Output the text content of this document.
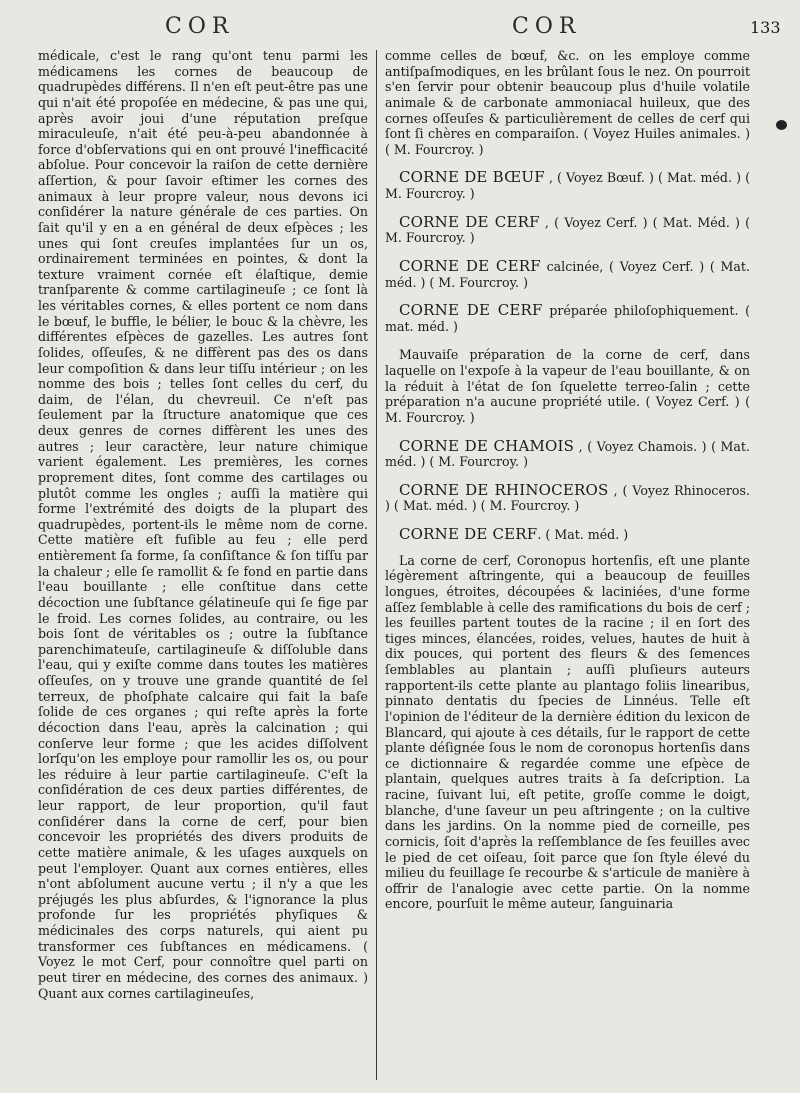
COR	COR	133

médicale, c'est le rang qu'ont tenu parmi les médicamens les cornes de beaucoup de quadrupèdes différens. Il n'en eſt peut-être pas une qui n'ait été propoſée en médecine, & pas une qui, après avoir joui d'une réputation preſque miraculeuſe, n'ait été peu-à-peu abandonnée à force d'obſervations qui en ont prouvé l'inefficacité abſolue. Pour concevoir la raiſon de cette dernière aſſertion, & pour ſavoir eſtimer les cornes des animaux à leur propre valeur, nous devons ici conſidérer la nature générale de ces parties. On ſait qu'il y en a en général de deux eſpèces ; les unes qui ſont creuſes implantées ſur un os, ordinairement terminées en pointes, & dont la texture vraiment cornée eſt élaſtique, demie tranſparente & comme cartilagineuſe ; ce ſont là les véritables cornes, & elles portent ce nom dans le bœuf, le buffle, le bélier, le bouc & la chèvre, les différentes eſpèces de gazelles. Les autres ſont ſolides, oſſeuſes, & ne diffèrent pas des os dans leur compoſition & dans leur tiſſu intérieur ; on les nomme des bois ; telles ſont celles du cerf, du daim, de l'élan, du chevreuil. Ce n'eſt pas ſeulement par la ſtructure anatomique que ces deux genres de cornes diffèrent les unes des autres ; leur caractère, leur nature chimique varient également. Les premières, les cornes proprement dites, ſont comme des cartilages ou plutôt comme les ongles ; auſſi la matière qui forme l'extrémité des doigts de la plupart des quadrupèdes, portent-ils le même nom de corne. Cette matière eſt fuſible au feu ; elle perd entièrement ſa forme, ſa conſiſtance & ſon tiſſu par la chaleur ; elle ſe ramollit & ſe fond en partie dans l'eau bouillante ; elle conſtitue dans cette décoction une ſubſtance gélatineuſe qui ſe fige par le froid. Les cornes ſolides, au contraire, ou les bois ſont de véritables os ; outre la ſubſtance parenchimateuſe, cartilagineuſe & diſſoluble dans l'eau, qui y exiſte comme dans toutes les matières oſſeuſes, on y trouve une grande quantité de ſel terreux, de phoſphate calcaire qui fait la baſe ſolide de ces organes ; qui reſte après la forte décoction dans l'eau, après la calcination ; qui conſerve leur forme ; que les acides diſſolvent lorſqu'on les employe pour ramollir les os, ou pour les réduire à leur partie cartilagineuſe. C'eſt la conſidération de ces deux parties différentes, de leur rapport, de leur proportion, qu'il faut conſidérer dans la corne de cerf, pour bien concevoir les propriétés des divers produits de cette matière animale, & les uſages auxquels on peut l'employer. Quant aux cornes entières, elles n'ont abſolument aucune vertu ; il n'y a que les préjugés les plus abſurdes, & l'ignorance la plus profonde ſur les propriétés phyſiques & médicinales des corps naturels, qui aient pu transformer ces ſubſtances en médicamens. ( Voyez le mot Cerf, pour connoître quel parti on peut tirer en médecine, des cornes des animaux. ) Quant aux cornes cartilagineuſes,

comme celles de bœuf, &c. on les employe comme antiſpaſmodiques, en les brûlant ſous le nez. On pourroit s'en ſervir pour obtenir beaucoup plus d'huile volatile animale & de carbonate ammoniacal huileux, que des cornes oſſeuſes & particulièrement de celles de cerf qui ſont ſi chères en comparaiſon. ( Voyez Huiles animales. ) ( M. Fourcroy. )

CORNE DE BŒUF , ( Voyez Bœuf. ) ( Mat. méd. ) ( M. Fourcroy. )

CORNE DE CERF , ( Voyez Cerf. ) ( Mat. Méd. ) ( M. Fourcroy. )

CORNE DE CERF calcinée, ( Voyez Cerf. ) ( Mat. méd. ) ( M. Fourcroy. )

CORNE DE CERF préparée philoſophiquement. ( mat. méd. )

Mauvaiſe préparation de la corne de cerf, dans laquelle on l'expoſe à la vapeur de l'eau bouillante, & on la réduit à l'état de ſon ſquelette terreo-ſalin ; cette préparation n'a aucune propriété utile. ( Voyez Cerf. ) ( M. Fourcroy. )

CORNE DE CHAMOIS , ( Voyez Chamois. ) ( Mat. méd. ) ( M. Fourcroy. )

CORNE DE RHINOCEROS , ( Voyez Rhinoceros. ) ( Mat. méd. ) ( M. Fourcroy. )

CORNE DE CERF. ( Mat. méd. )

La corne de cerf, Coronopus hortenſis, eſt une plante légèrement aſtringente, qui a beaucoup de feuilles longues, étroites, découpées & laciniées, d'une forme aſſez ſemblable à celle des ramifications du bois de cerf ; les feuilles partent toutes de la racine ; il en ſort des tiges minces, élancées, roides, velues, hautes de huit à dix pouces, qui portent des fleurs & des ſemences ſemblables au plantain ; auſſi pluſieurs auteurs rapportent-ils cette plante au plantago foliis linearibus, pinnato dentatis du ſpecies de Linnéus. Telle eſt l'opinion de l'éditeur de la dernière édition du lexicon de Blancard, qui ajoute à ces détails, ſur le rapport de cette plante déſignée ſous le nom de coronopus hortenſis dans ce dictionnaire & regardée comme une eſpèce de plantain, quelques autres traits à ſa deſcription. La racine, ſuivant lui, eſt petite, groſſe comme le doigt, blanche, d'une ſaveur un peu aſtringente ; on la cultive dans les jardins. On la nomme pied de corneille, pes cornicis, ſoit d'après la reſſemblance de ſes feuilles avec le pied de cet oiſeau, ſoit parce que ſon ſtyle élevé du milieu du feuillage ſe recourbe & s'articule de manière à offrir de l'analogie avec cette partie. On la nomme encore, pourſuit le même auteur, ſanguinaria
